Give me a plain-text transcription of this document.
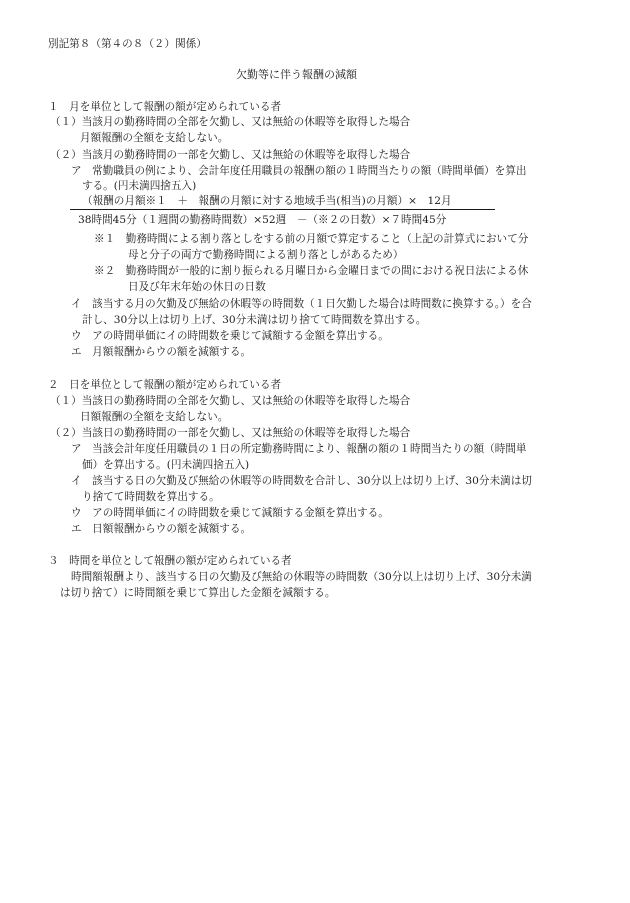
別記第８（第４の８（２）関係）
欠勤等に伴う報酬の減額
１　月を単位として報酬の額が定められている者
（１）当該月の勤務時間の全部を欠勤し、又は無給の休暇等を取得した場合
月額報酬の全額を支給しない。
（２）当該月の勤務時間の一部を欠勤し、又は無給の休暇等を取得した場合
ア　常勤職員の例により、会計年度任用職員の報酬の額の１時間当たりの額（時間単価）を算出
する。(円未満四捨五入)
（報酬の月額※１　＋　報酬の月額に対する地域手当(相当)の月額）×　12月
38時間45分（１週間の勤務時間数）×52週　－（※２の日数）×７時間45分
※１　勤務時間による割り落としをする前の月額で算定すること（上記の計算式において分
母と分子の両方で勤務時間による割り落としがあるため）
※２　勤務時間が一般的に割り振られる月曜日から金曜日までの間における祝日法による休
日及び年末年始の休日の日数
イ　該当する月の欠勤及び無給の休暇等の時間数（１日欠勤した場合は時間数に換算する。）を合
計し、30分以上は切り上げ、30分未満は切り捨てて時間数を算出する。
ウ　アの時間単価にイの時間数を乗じて減額する金額を算出する。
エ　月額報酬からウの額を減額する。
２　日を単位として報酬の額が定められている者
（１）当該日の勤務時間の全部を欠勤し、又は無給の休暇等を取得した場合
日額報酬の全額を支給しない。
（２）当該日の勤務時間の一部を欠勤し、又は無給の休暇等を取得した場合
ア　当該会計年度任用職員の１日の所定勤務時間により、報酬の額の１時間当たりの額（時間単
価）を算出する。(円未満四捨五入)
イ　該当する日の欠勤及び無給の休暇等の時間数を合計し、30分以上は切り上げ、30分未満は切
り捨てて時間数を算出する。
ウ　アの時間単価にイの時間数を乗じて減額する金額を算出する。
エ　日額報酬からウの額を減額する。
３　時間を単位として報酬の額が定められている者
時間額報酬より、該当する日の欠勤及び無給の休暇等の時間数（30分以上は切り上げ、30分未満
は切り捨て）に時間額を乗じて算出した金額を減額する。
